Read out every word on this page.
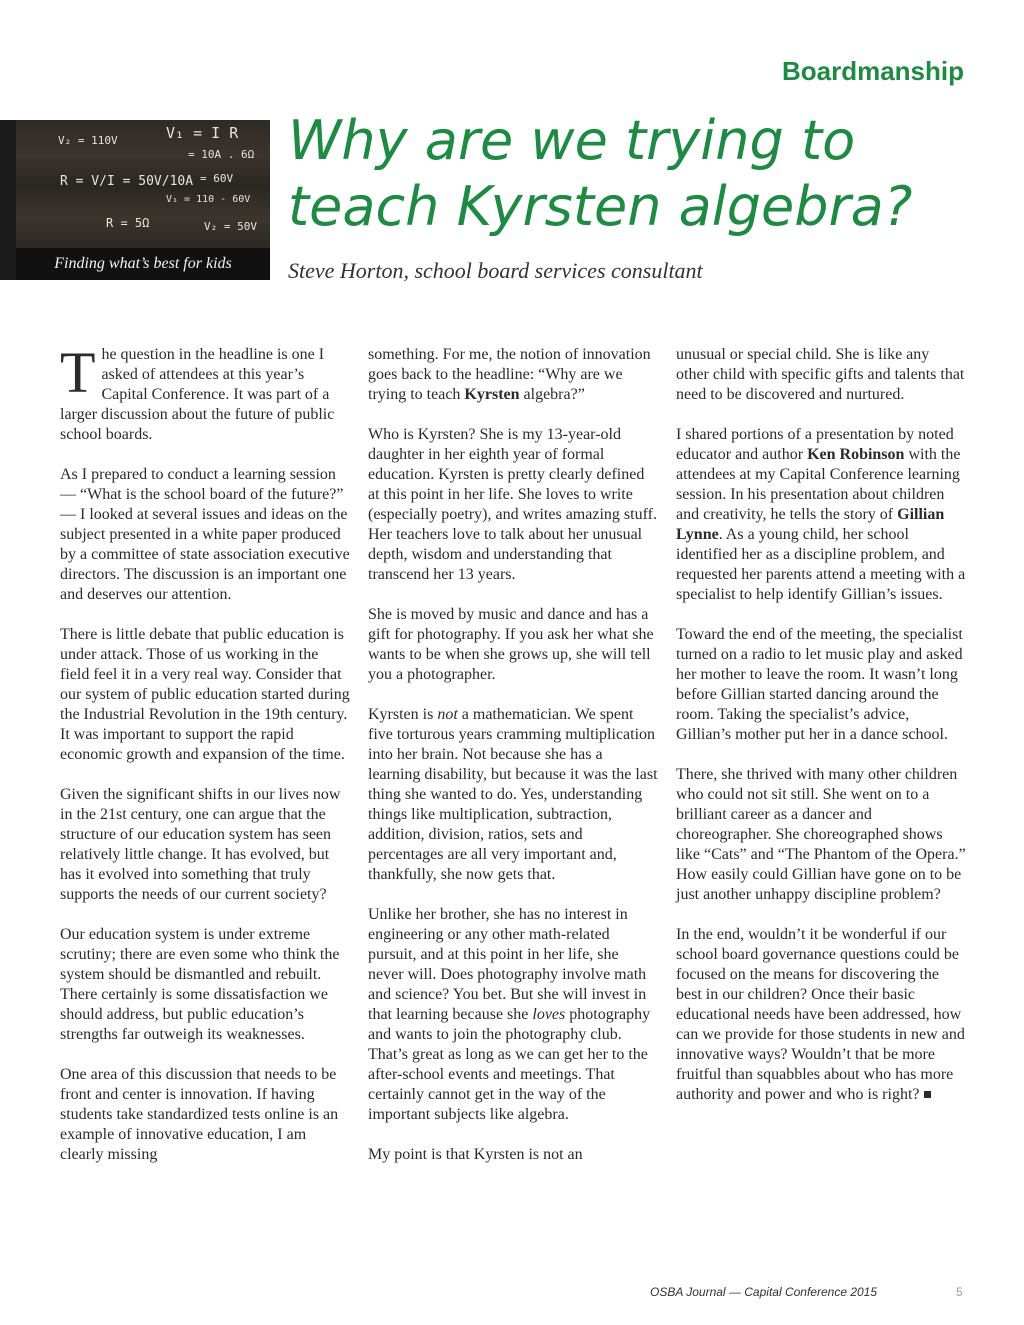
Boardmanship
V₂ = 110V	V₁ = I R
= 10A . 6Ω
= 60V
R = V/I = 50V/10A
V₁ = 110 - 60V
R = 5Ω	V₂ = 50V
Finding what’s best for kids
Why are we trying to
teach Kyrsten algebra?
Steve Horton, school board services consultant

The question in the headline is one I asked of attendees at this year’s Capital Conference. It was part of a larger discussion about the future of public school boards.

As I prepared to conduct a learning session — “What is the school board of the future?” — I looked at several issues and ideas on the subject presented in a white paper produced by a committee of state association executive directors. The discussion is an important one and deserves our attention.

There is little debate that public education is under attack. Those of us working in the field feel it in a very real way. Consider that our system of public education started during the Industrial Revolution in the 19th century. It was important to support the rapid economic growth and expansion of the time.

Given the significant shifts in our lives now in the 21st century, one can argue that the structure of our education system has seen relatively little change. It has evolved, but has it evolved into something that truly supports the needs of our current society?

Our education system is under extreme scrutiny; there are even some who think the system should be dismantled and rebuilt. There certainly is some dissatisfaction we should address, but public education’s strengths far outweigh its weaknesses.

One area of this discussion that needs to be front and center is innovation. If having students take standardized tests online is an example of innovative education, I am clearly missing

something. For me, the notion of innovation goes back to the headline: “Why are we trying to teach Kyrsten algebra?”

Who is Kyrsten? She is my 13-year-old daughter in her eighth year of formal education. Kyrsten is pretty clearly defined at this point in her life. She loves to write (especially poetry), and writes amazing stuff. Her teachers love to talk about her unusual depth, wisdom and understanding that transcend her 13 years.

She is moved by music and dance and has a gift for photography. If you ask her what she wants to be when she grows up, she will tell you a photographer.

Kyrsten is not a mathematician. We spent five torturous years cramming multiplication into her brain. Not because she has a learning disability, but because it was the last thing she wanted to do. Yes, understanding things like multiplication, subtraction, addition, division, ratios, sets and percentages are all very important and, thankfully, she now gets that.

Unlike her brother, she has no interest in engineering or any other math-related pursuit, and at this point in her life, she never will. Does photography involve math and science? You bet. But she will invest in that learning because she loves photography and wants to join the photography club. That’s great as long as we can get her to the after-school events and meetings. That certainly cannot get in the way of the important subjects like algebra.

My point is that Kyrsten is not an

unusual or special child. She is like any other child with specific gifts and talents that need to be discovered and nurtured.

I shared portions of a presentation by noted educator and author Ken Robinson with the attendees at my Capital Conference learning session. In his presentation about children and creativity, he tells the story of Gillian Lynne. As a young child, her school identified her as a discipline problem, and requested her parents attend a meeting with a specialist to help identify Gillian’s issues.

Toward the end of the meeting, the specialist turned on a radio to let music play and asked her mother to leave the room. It wasn’t long before Gillian started dancing around the room. Taking the specialist’s advice, Gillian’s mother put her in a dance school.

There, she thrived with many other children who could not sit still. She went on to a brilliant career as a dancer and choreographer. She choreographed shows like “Cats” and “The Phantom of the Opera.” How easily could Gillian have gone on to be just another unhappy discipline problem?

In the end, wouldn’t it be wonderful if our school board governance questions could be focused on the means for discovering the best in our children? Once their basic educational needs have been addressed, how can we provide for those students in new and innovative ways? Wouldn’t that be more fruitful than squabbles about who has more authority and power and who is right?

OSBA Journal — Capital Conference 2015	5
